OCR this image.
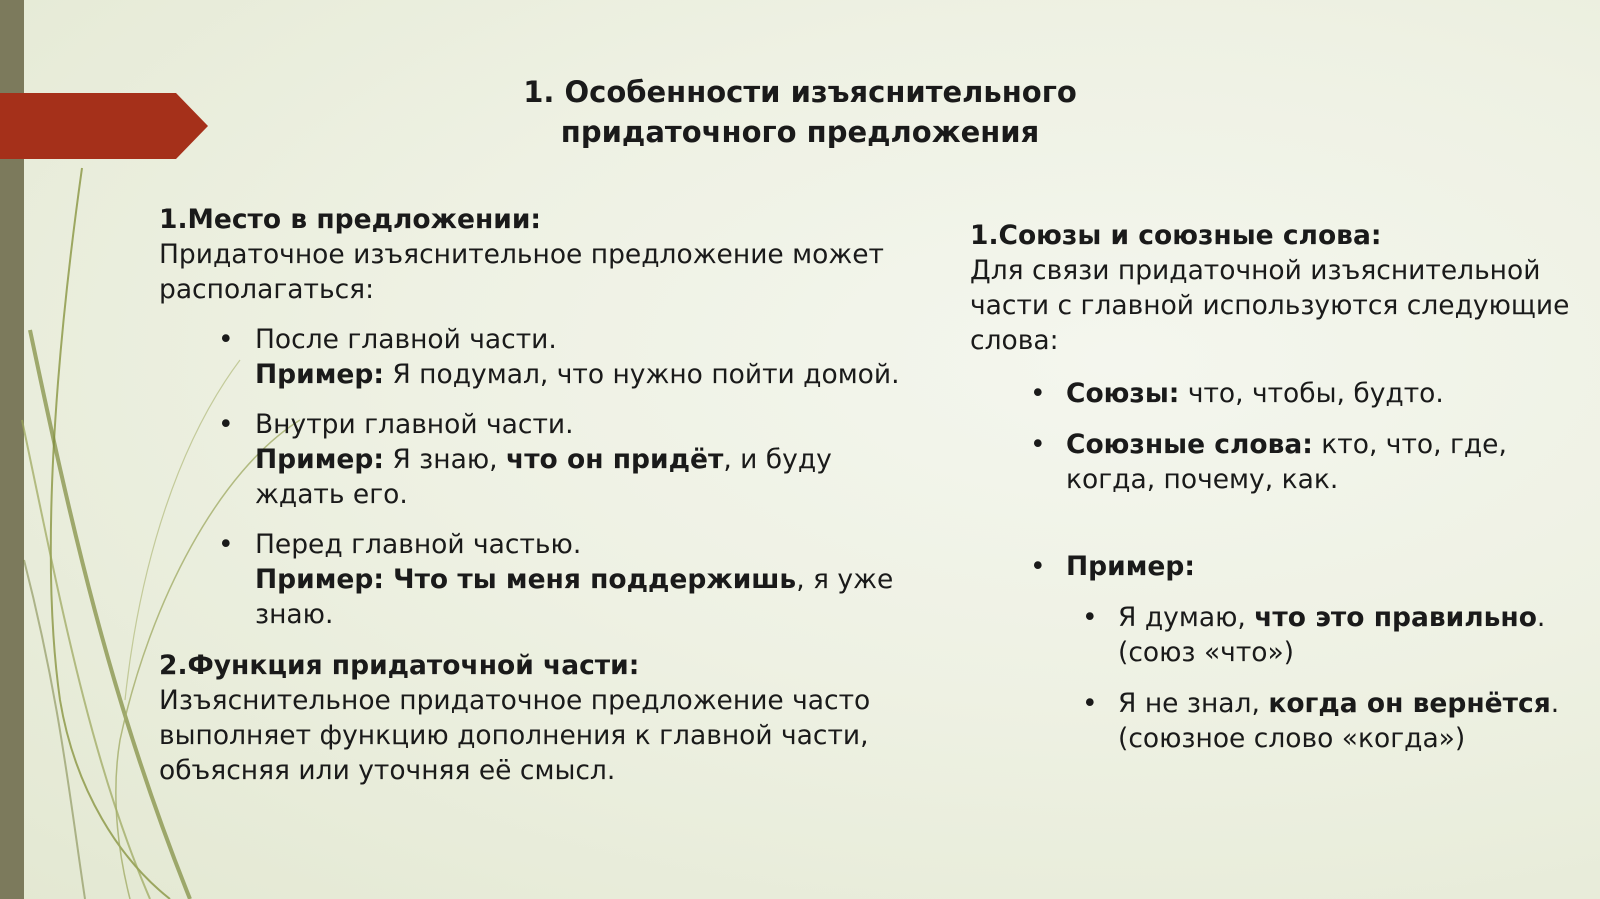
1. Особенности изъяснительного
придаточного предложения

1.Место в предложении:

Придаточное изъяснительное предложение может располагаться:

• После главной части.
Пример: Я подумал, что нужно пойти домой.
• Внутри главной части.
Пример: Я знаю, что он придёт, и буду ждать его.
• Перед главной частью.
Пример: Что ты меня поддержишь, я уже знаю.

2.Функция придаточной части:

Изъяснительное придаточное предложение часто выполняет функцию дополнения к главной части, объясняя или уточняя её смысл.

1.Союзы и союзные слова:

Для связи придаточной изъяснительной части с главной используются следующие слова:

• Союзы: что, чтобы, будто.
• Союзные слова: кто, что, где, когда, почему, как.
• Пример:
• Я думаю, что это правильно.
(союз «что»)
• Я не знал, когда он вернётся.
(союзное слово «когда»)
